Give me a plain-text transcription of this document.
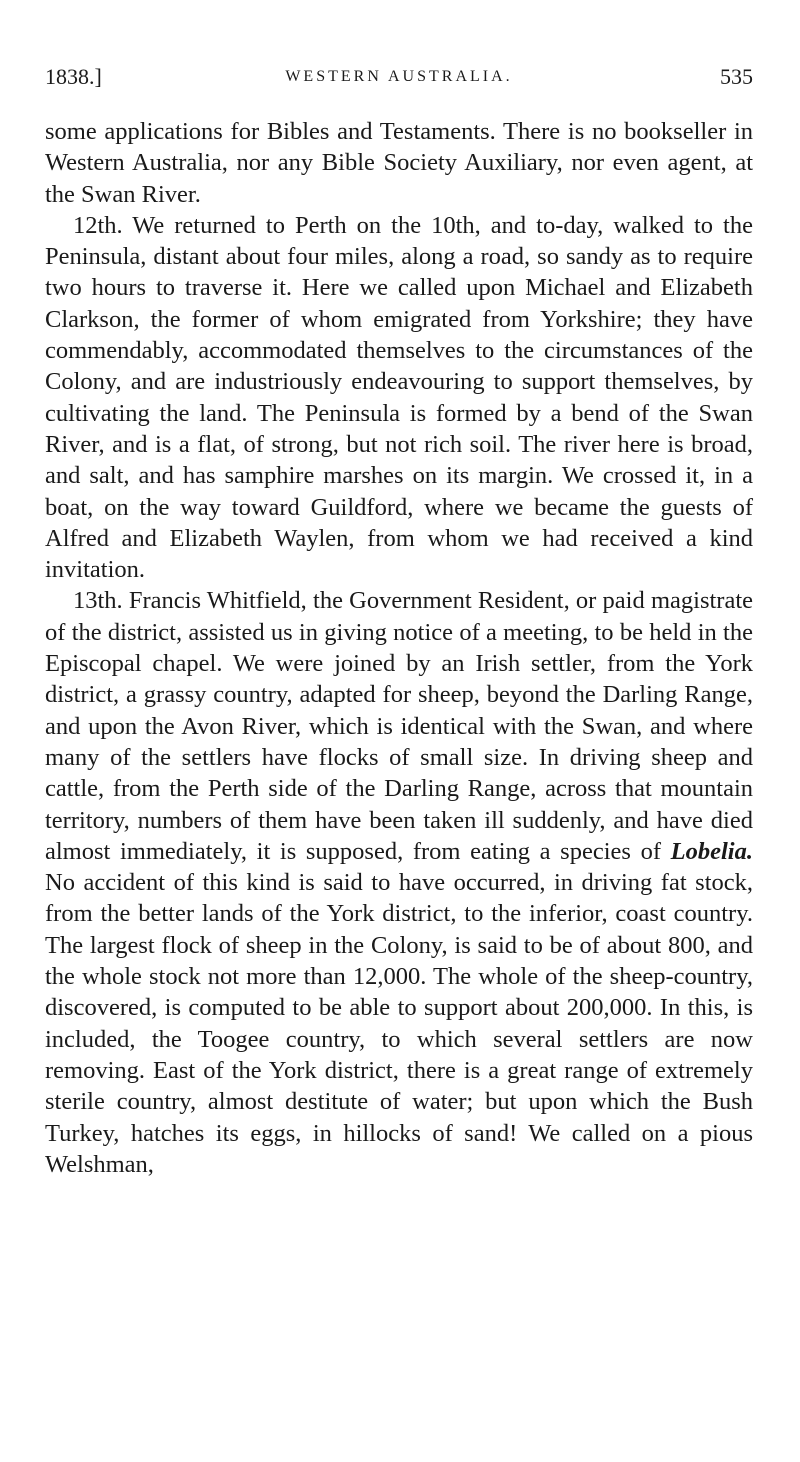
1838.]	WESTERN AUSTRALIA.	535

some applications for Bibles and Testaments. There is no bookseller in Western Australia, nor any Bible Society Auxiliary, nor even agent, at the Swan River.

12th. We returned to Perth on the 10th, and to-day, walked to the Peninsula, distant about four miles, along a road, so sandy as to require two hours to traverse it. Here we called upon Michael and Elizabeth Clarkson, the former of whom emigrated from Yorkshire; they have commendably, accommodated themselves to the circumstances of the Colony, and are industriously endeavouring to support themselves, by cultivating the land. The Peninsula is formed by a bend of the Swan River, and is a flat, of strong, but not rich soil. The river here is broad, and salt, and has samphire marshes on its margin. We crossed it, in a boat, on the way toward Guildford, where we became the guests of Alfred and Elizabeth Waylen, from whom we had received a kind invitation.

13th. Francis Whitfield, the Government Resident, or paid magistrate of the district, assisted us in giving notice of a meeting, to be held in the Episcopal chapel. We were joined by an Irish settler, from the York district, a grassy country, adapted for sheep, beyond the Darling Range, and upon the Avon River, which is identical with the Swan, and where many of the settlers have flocks of small size. In driving sheep and cattle, from the Perth side of the Darling Range, across that mountain territory, numbers of them have been taken ill suddenly, and have died almost immediately, it is supposed, from eating a species of Lobelia. No accident of this kind is said to have occurred, in driving fat stock, from the better lands of the York district, to the inferior, coast country. The largest flock of sheep in the Colony, is said to be of about 800, and the whole stock not more than 12,000. The whole of the sheep-country, discovered, is computed to be able to support about 200,000. In this, is included, the Toogee country, to which several settlers are now removing. East of the York district, there is a great range of extremely sterile country, almost destitute of water; but upon which the Bush Turkey, hatches its eggs, in hillocks of sand! We called on a pious Welshman,
